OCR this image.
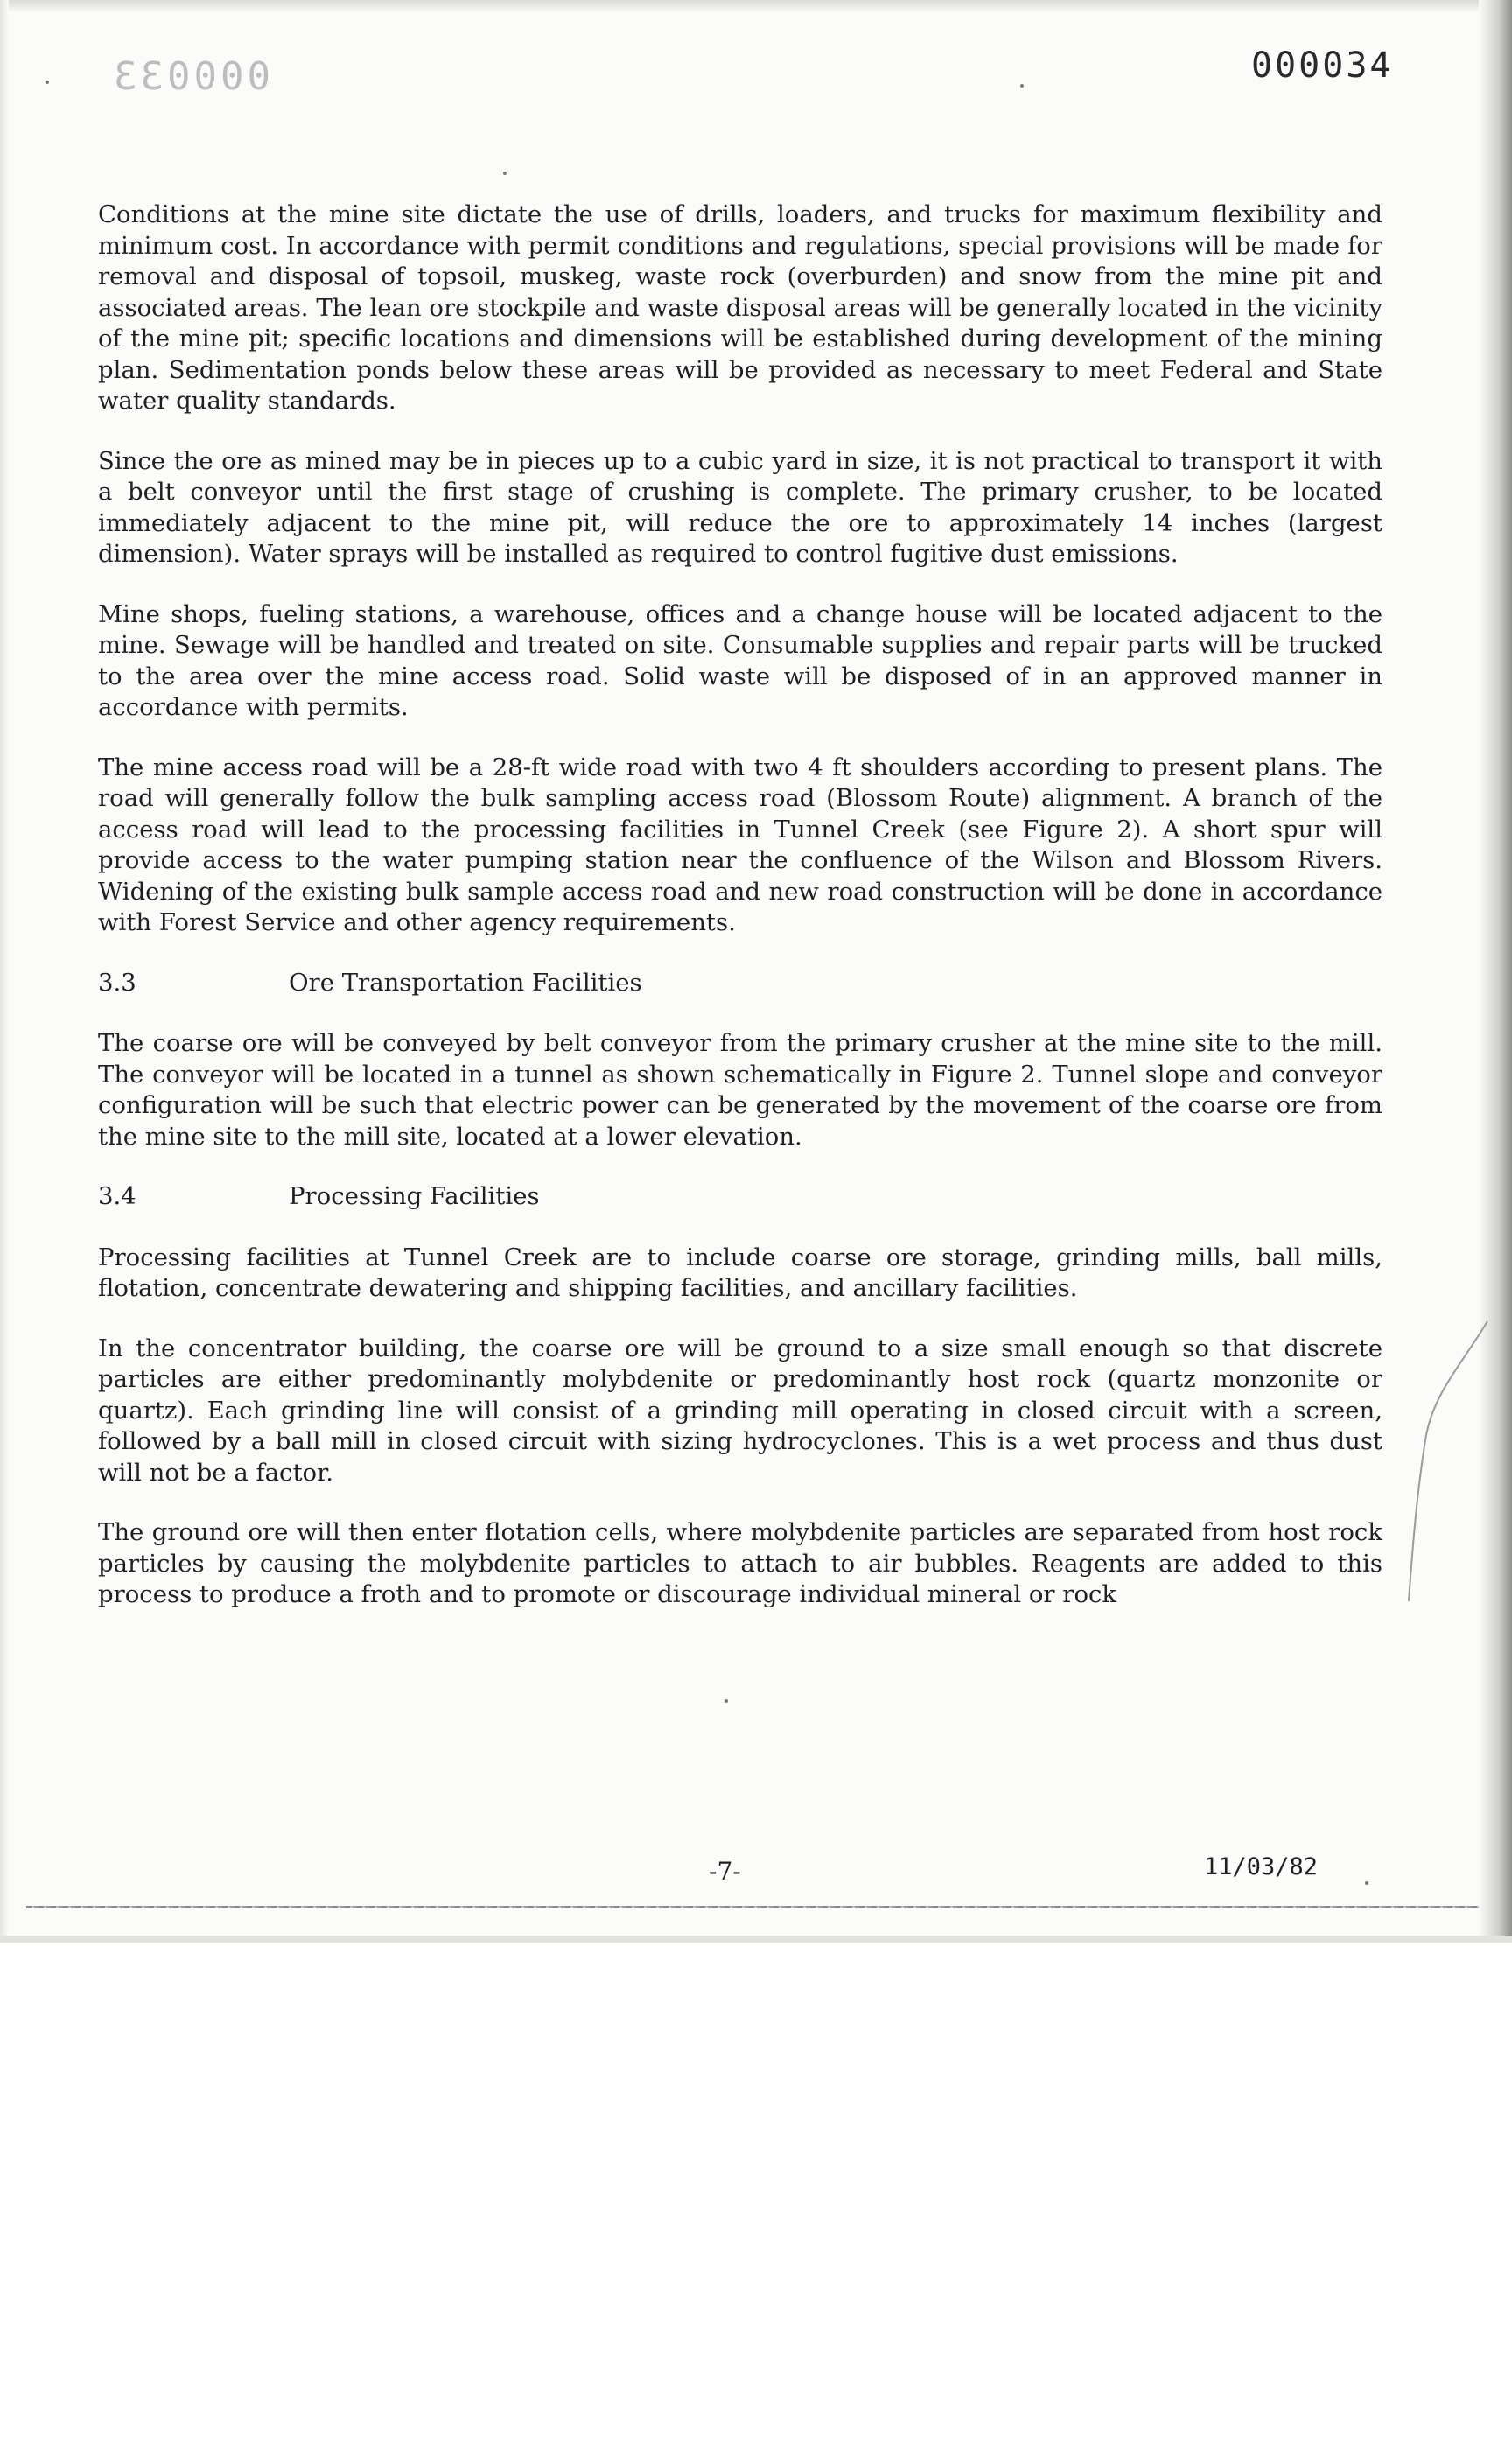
000033	000034

Conditions at the mine site dictate the use of drills, loaders, and trucks for maximum flexibility and minimum cost. In accordance with permit conditions and regulations, special provisions will be made for removal and disposal of topsoil, muskeg, waste rock (overburden) and snow from the mine pit and associated areas. The lean ore stockpile and waste disposal areas will be generally located in the vicinity of the mine pit; specific locations and dimensions will be established during development of the mining plan. Sedimentation ponds below these areas will be provided as necessary to meet Federal and State water quality standards.

Since the ore as mined may be in pieces up to a cubic yard in size, it is not practical to transport it with a belt conveyor until the first stage of crushing is complete. The primary crusher, to be located immediately adjacent to the mine pit, will reduce the ore to approximately 14 inches (largest dimension). Water sprays will be installed as required to control fugitive dust emissions.

Mine shops, fueling stations, a warehouse, offices and a change house will be located adjacent to the mine. Sewage will be handled and treated on site. Consumable supplies and repair parts will be trucked to the area over the mine access road. Solid waste will be disposed of in an approved manner in accordance with permits.

The mine access road will be a 28-ft wide road with two 4 ft shoulders according to present plans. The road will generally follow the bulk sampling access road (Blossom Route) alignment. A branch of the access road will lead to the processing facilities in Tunnel Creek (see Figure 2). A short spur will provide access to the water pumping station near the confluence of the Wilson and Blossom Rivers. Widening of the existing bulk sample access road and new road construction will be done in accordance with Forest Service and other agency requirements.

3.3	Ore Transportation Facilities

The coarse ore will be conveyed by belt conveyor from the primary crusher at the mine site to the mill. The conveyor will be located in a tunnel as shown schematically in Figure 2. Tunnel slope and conveyor configuration will be such that electric power can be generated by the movement of the coarse ore from the mine site to the mill site, located at a lower elevation.

3.4	Processing Facilities

Processing facilities at Tunnel Creek are to include coarse ore storage, grinding mills, ball mills, flotation, concentrate dewatering and shipping facilities, and ancillary facilities.

In the concentrator building, the coarse ore will be ground to a size small enough so that discrete particles are either predominantly molybdenite or predominantly host rock (quartz monzonite or quartz). Each grinding line will consist of a grinding mill operating in closed circuit with a screen, followed by a ball mill in closed circuit with sizing hydrocyclones. This is a wet process and thus dust will not be a factor.

The ground ore will then enter flotation cells, where molybdenite particles are separated from host rock particles by causing the molybdenite particles to attach to air bubbles. Reagents are added to this process to produce a froth and to promote or discourage individual mineral or rock

-7-	11/03/82
